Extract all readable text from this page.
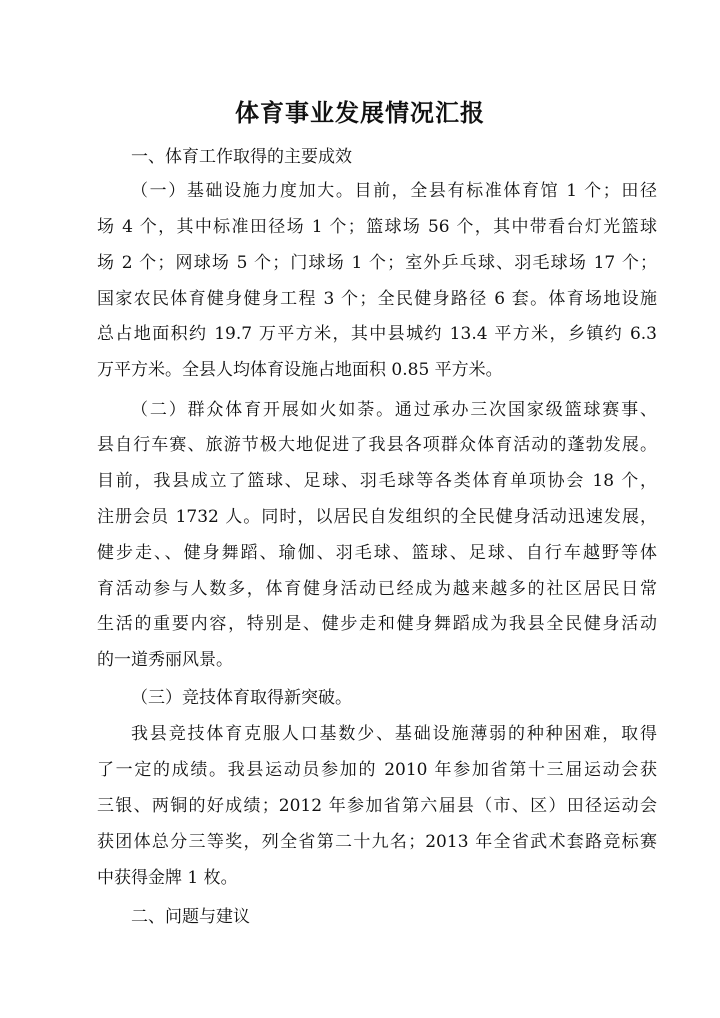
体育事业发展情况汇报

一、体育工作取得的主要成效

（一）基础设施力度加大。目前，全县有标准体育馆 1 个；田径

场 4 个，其中标准田径场 1 个；篮球场 56 个，其中带看台灯光篮球

场 2 个；网球场 5 个；门球场 1 个；室外乒乓球、羽毛球场 17 个；

国家农民体育健身健身工程 3 个；全民健身路径 6 套。体育场地设施

总占地面积约 19.7 万平方米，其中县城约 13.4 平方米，乡镇约 6.3

万平方米。全县人均体育设施占地面积 0.85 平方米。

（二）群众体育开展如火如荼。通过承办三次国家级篮球赛事、

县自行车赛、旅游节极大地促进了我县各项群众体育活动的蓬勃发展。

目前，我县成立了篮球、足球、羽毛球等各类体育单项协会 18 个，

注册会员 1732 人。同时，以居民自发组织的全民健身活动迅速发展，

健步走、、健身舞蹈、瑜伽、羽毛球、篮球、足球、自行车越野等体

育活动参与人数多，体育健身活动已经成为越来越多的社区居民日常

生活的重要内容，特别是、健步走和健身舞蹈成为我县全民健身活动

的一道秀丽风景。

（三）竞技体育取得新突破。

我县竞技体育克服人口基数少、基础设施薄弱的种种困难，取得

了一定的成绩。我县运动员参加的 2010 年参加省第十三届运动会获

三银、两铜的好成绩；2012 年参加省第六届县（市、区）田径运动会

获团体总分三等奖，列全省第二十九名；2013 年全省武术套路竞标赛

中获得金牌 1 枚。

二、问题与建议
